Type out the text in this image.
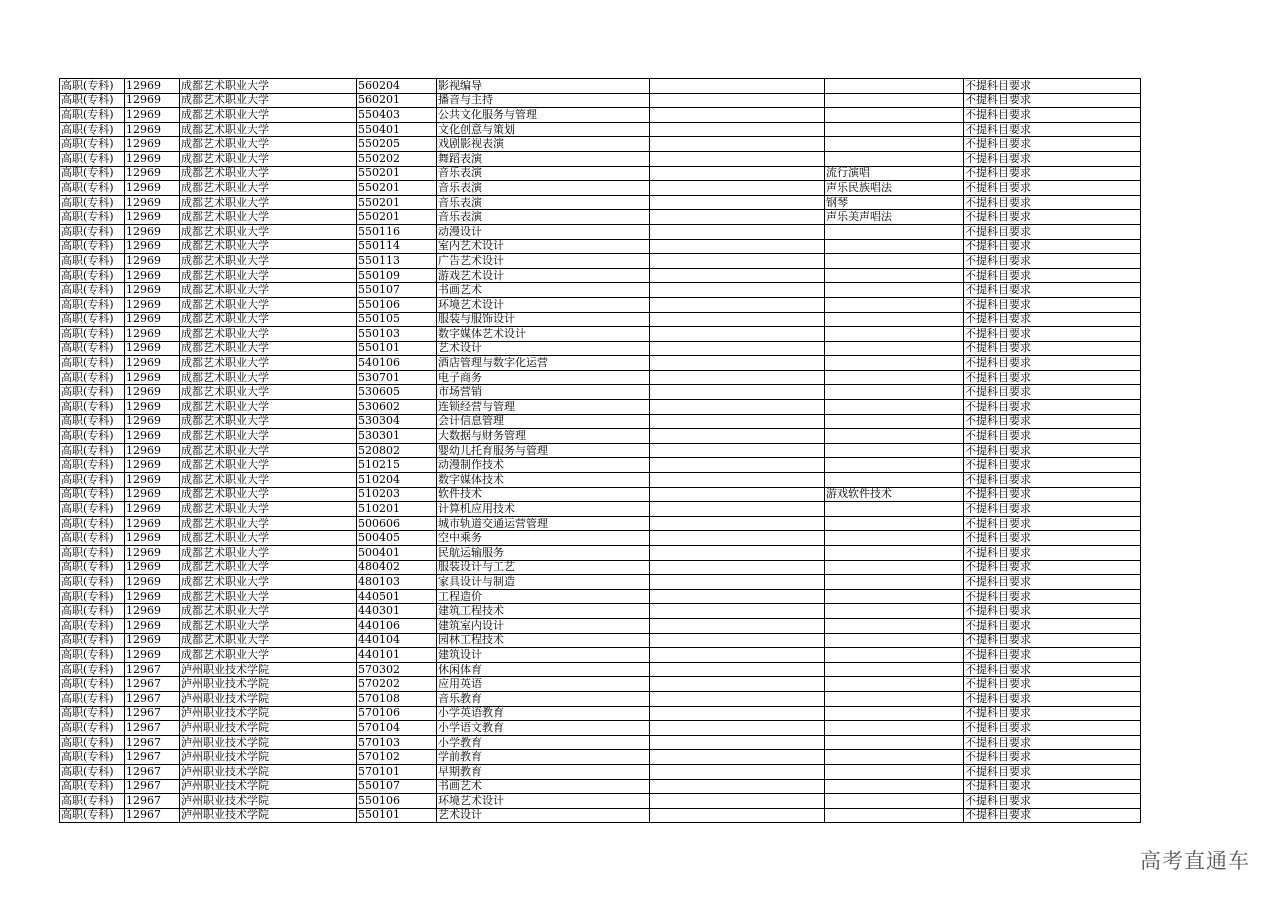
高职(专科)	12969	成都艺术职业大学	560204	影视编导			不提科目要求
高职(专科)	12969	成都艺术职业大学	560201	播音与主持			不提科目要求
高职(专科)	12969	成都艺术职业大学	550403	公共文化服务与管理			不提科目要求
高职(专科)	12969	成都艺术职业大学	550401	文化创意与策划			不提科目要求
高职(专科)	12969	成都艺术职业大学	550205	戏剧影视表演			不提科目要求
高职(专科)	12969	成都艺术职业大学	550202	舞蹈表演			不提科目要求
高职(专科)	12969	成都艺术职业大学	550201	音乐表演		流行演唱	不提科目要求
高职(专科)	12969	成都艺术职业大学	550201	音乐表演		声乐民族唱法	不提科目要求
高职(专科)	12969	成都艺术职业大学	550201	音乐表演		钢琴	不提科目要求
高职(专科)	12969	成都艺术职业大学	550201	音乐表演		声乐美声唱法	不提科目要求
高职(专科)	12969	成都艺术职业大学	550116	动漫设计			不提科目要求
高职(专科)	12969	成都艺术职业大学	550114	室内艺术设计			不提科目要求
高职(专科)	12969	成都艺术职业大学	550113	广告艺术设计			不提科目要求
高职(专科)	12969	成都艺术职业大学	550109	游戏艺术设计			不提科目要求
高职(专科)	12969	成都艺术职业大学	550107	书画艺术			不提科目要求
高职(专科)	12969	成都艺术职业大学	550106	环境艺术设计			不提科目要求
高职(专科)	12969	成都艺术职业大学	550105	服装与服饰设计			不提科目要求
高职(专科)	12969	成都艺术职业大学	550103	数字媒体艺术设计			不提科目要求
高职(专科)	12969	成都艺术职业大学	550101	艺术设计			不提科目要求
高职(专科)	12969	成都艺术职业大学	540106	酒店管理与数字化运营			不提科目要求
高职(专科)	12969	成都艺术职业大学	530701	电子商务			不提科目要求
高职(专科)	12969	成都艺术职业大学	530605	市场营销			不提科目要求
高职(专科)	12969	成都艺术职业大学	530602	连锁经营与管理			不提科目要求
高职(专科)	12969	成都艺术职业大学	530304	会计信息管理			不提科目要求
高职(专科)	12969	成都艺术职业大学	530301	大数据与财务管理			不提科目要求
高职(专科)	12969	成都艺术职业大学	520802	婴幼儿托育服务与管理			不提科目要求
高职(专科)	12969	成都艺术职业大学	510215	动漫制作技术			不提科目要求
高职(专科)	12969	成都艺术职业大学	510204	数字媒体技术			不提科目要求
高职(专科)	12969	成都艺术职业大学	510203	软件技术		游戏软件技术	不提科目要求
高职(专科)	12969	成都艺术职业大学	510201	计算机应用技术			不提科目要求
高职(专科)	12969	成都艺术职业大学	500606	城市轨道交通运营管理			不提科目要求
高职(专科)	12969	成都艺术职业大学	500405	空中乘务			不提科目要求
高职(专科)	12969	成都艺术职业大学	500401	民航运输服务			不提科目要求
高职(专科)	12969	成都艺术职业大学	480402	服装设计与工艺			不提科目要求
高职(专科)	12969	成都艺术职业大学	480103	家具设计与制造			不提科目要求
高职(专科)	12969	成都艺术职业大学	440501	工程造价			不提科目要求
高职(专科)	12969	成都艺术职业大学	440301	建筑工程技术			不提科目要求
高职(专科)	12969	成都艺术职业大学	440106	建筑室内设计			不提科目要求
高职(专科)	12969	成都艺术职业大学	440104	园林工程技术			不提科目要求
高职(专科)	12969	成都艺术职业大学	440101	建筑设计			不提科目要求
高职(专科)	12967	泸州职业技术学院	570302	休闲体育			不提科目要求
高职(专科)	12967	泸州职业技术学院	570202	应用英语			不提科目要求
高职(专科)	12967	泸州职业技术学院	570108	音乐教育			不提科目要求
高职(专科)	12967	泸州职业技术学院	570106	小学英语教育			不提科目要求
高职(专科)	12967	泸州职业技术学院	570104	小学语文教育			不提科目要求
高职(专科)	12967	泸州职业技术学院	570103	小学教育			不提科目要求
高职(专科)	12967	泸州职业技术学院	570102	学前教育			不提科目要求
高职(专科)	12967	泸州职业技术学院	570101	早期教育			不提科目要求
高职(专科)	12967	泸州职业技术学院	550107	书画艺术			不提科目要求
高职(专科)	12967	泸州职业技术学院	550106	环境艺术设计			不提科目要求
高职(专科)	12967	泸州职业技术学院	550101	艺术设计			不提科目要求
高考直通车
